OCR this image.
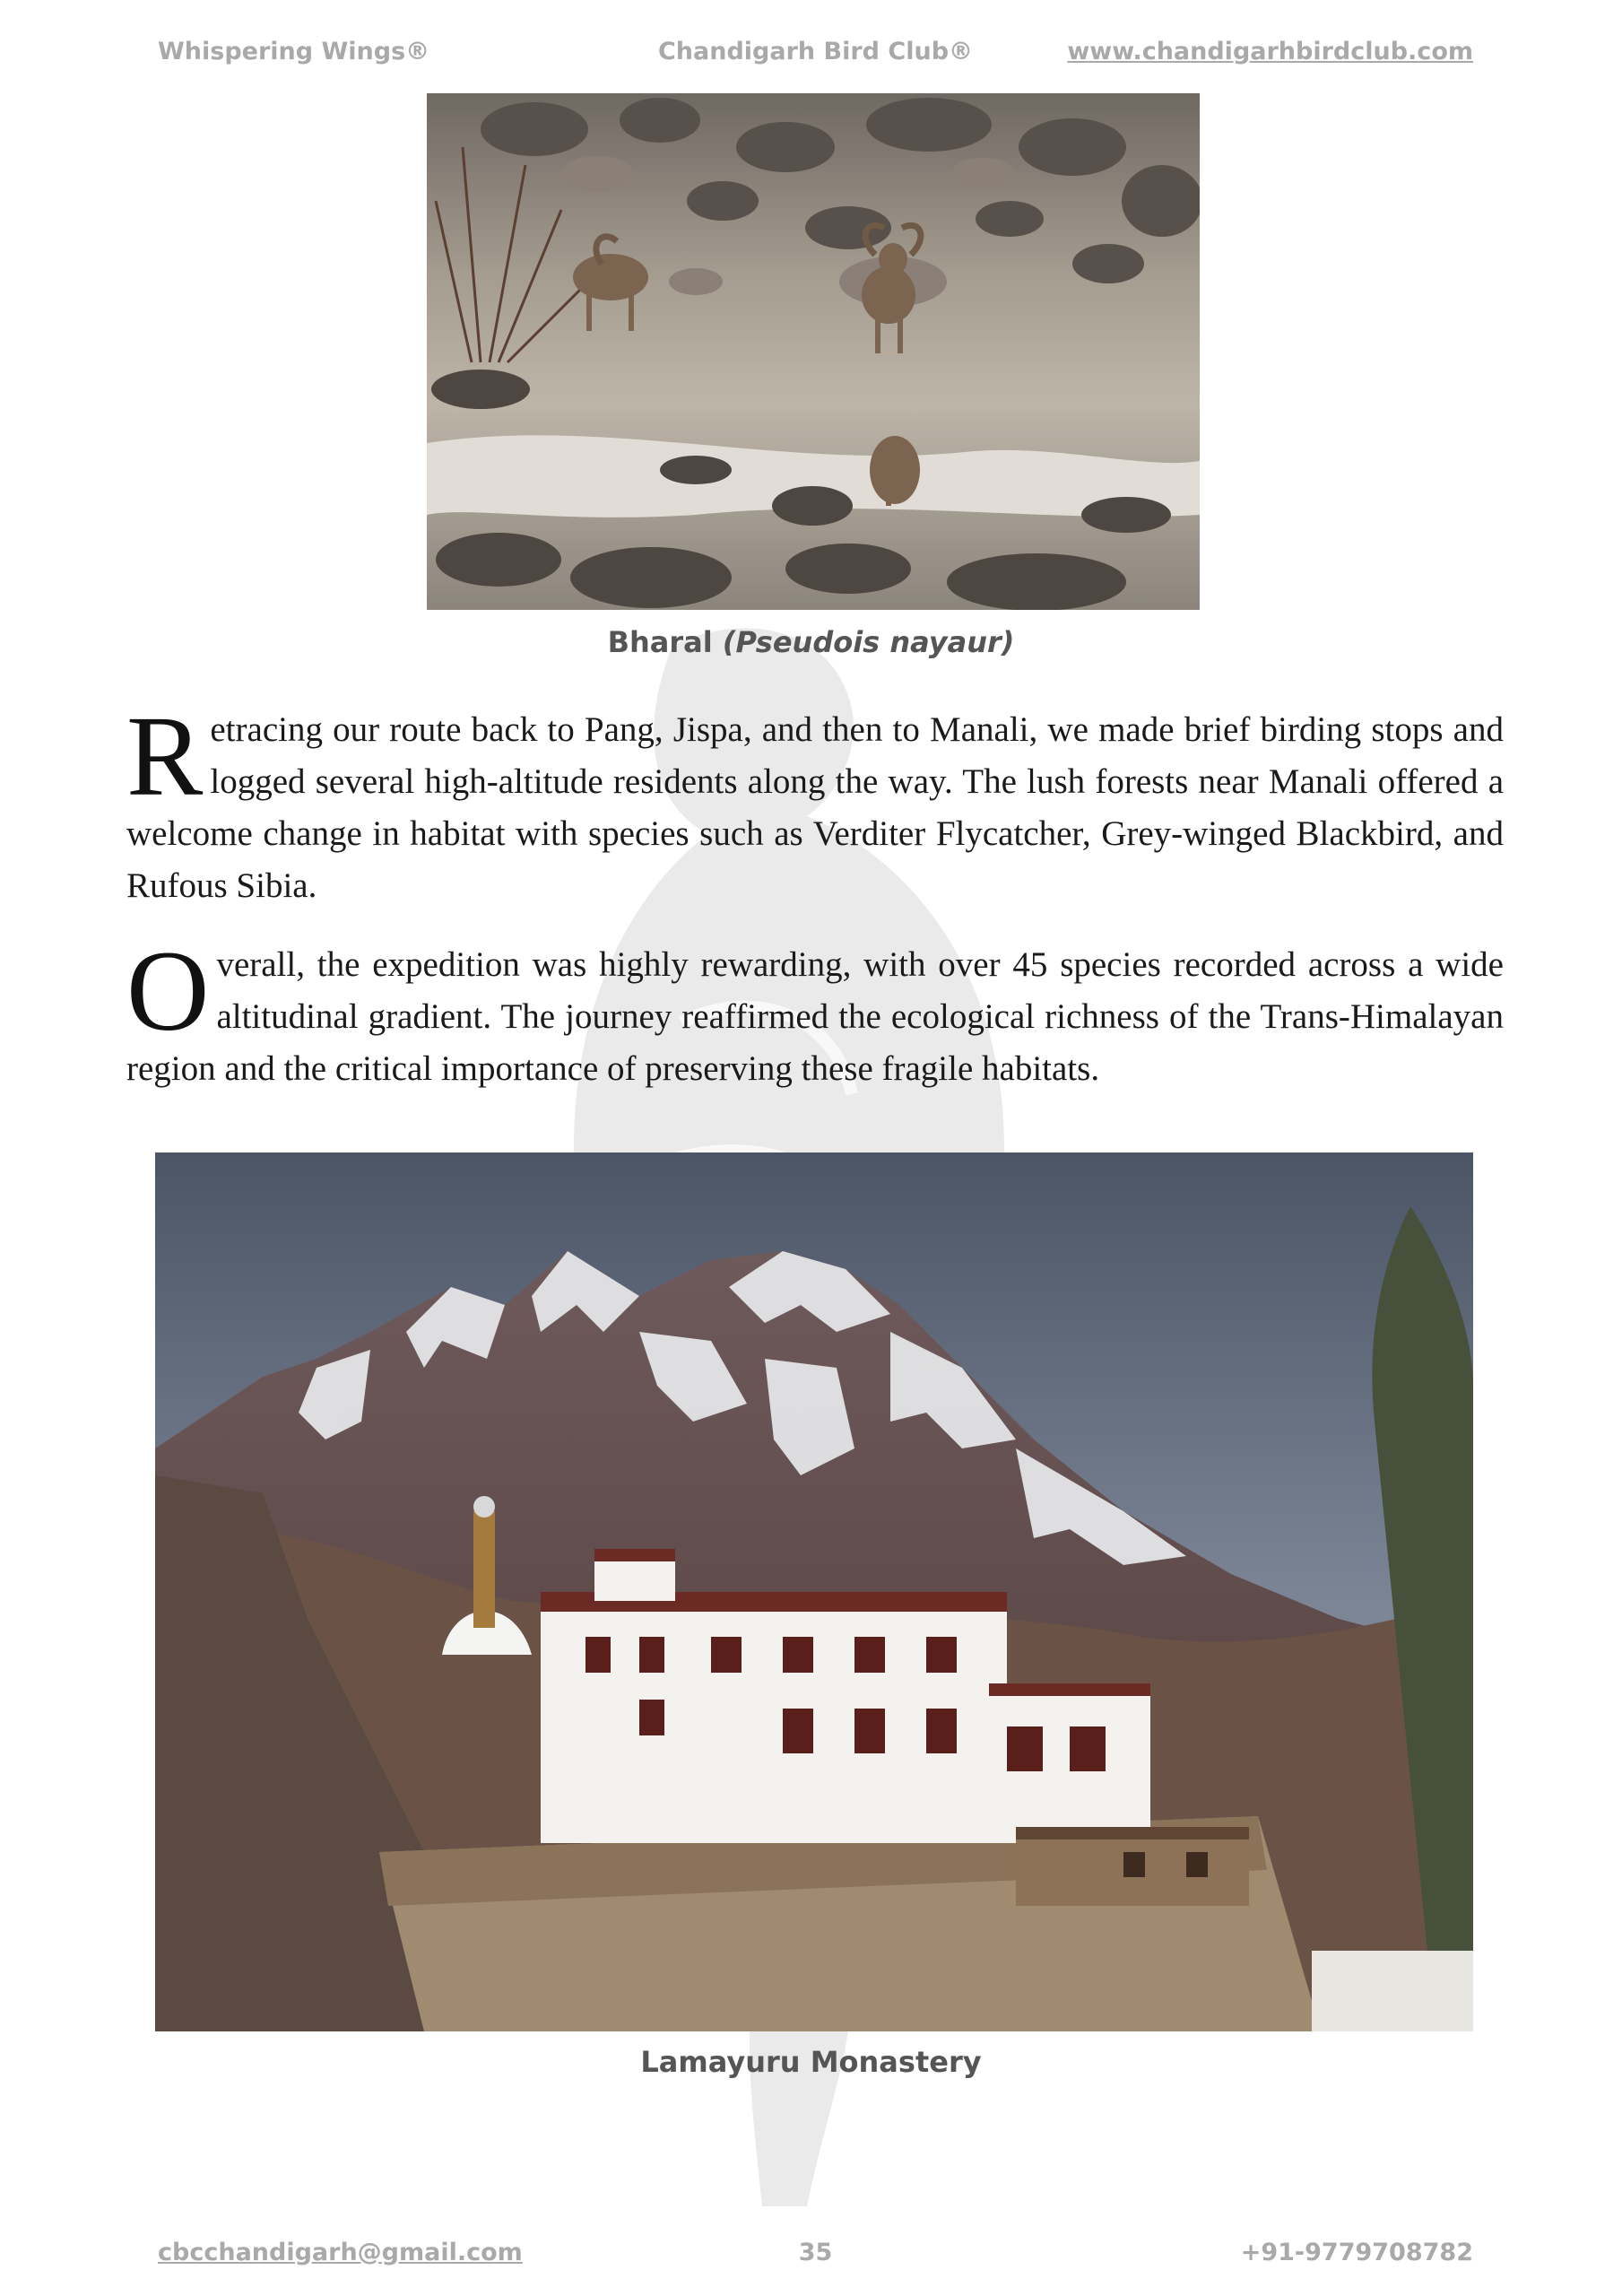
Whispering Wings®	Chandigarh Bird Club®	www.chandigarhbirdclub.com
Bharal (Pseudois nayaur)
Retracing our route back to Pang, Jispa, and then to Manali, we made brief birding stops and logged several high-altitude residents along the way. The lush forests near Manali offered a welcome change in habitat with species such as Verditer Flycatcher, Grey-winged Blackbird, and Rufous Sibia.
Overall, the expedition was highly rewarding, with over 45 species recorded across a wide altitudinal gradient. The journey reaffirmed the ecological richness of the Trans-Himalayan region and the critical importance of preserving these fragile habitats.
Lamayuru Monastery
cbcchandigarh@gmail.com	35	+91-9779708782
